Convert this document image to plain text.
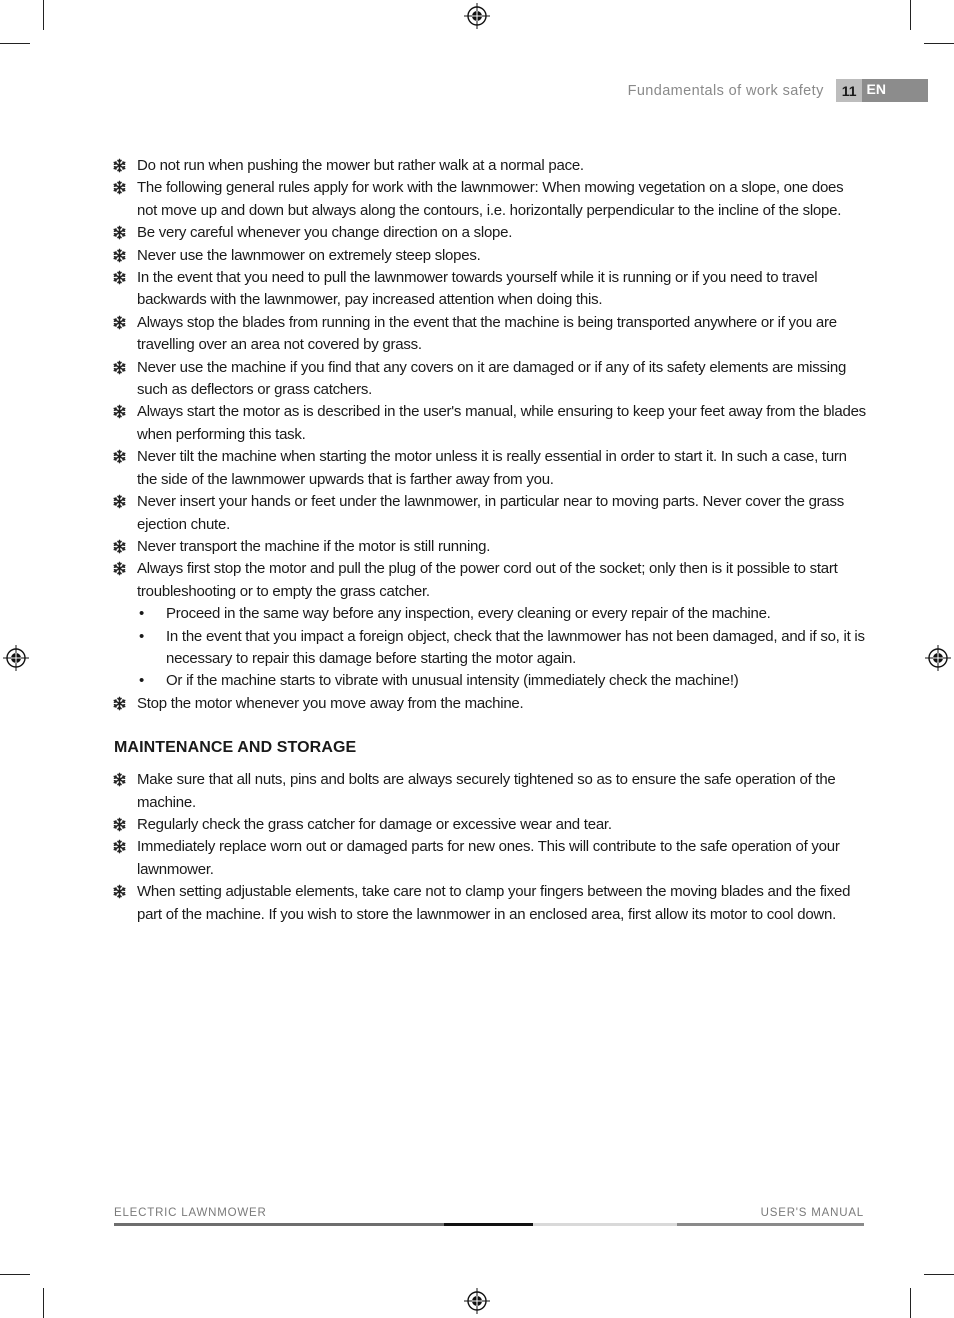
Fundamentals of work safety	11 EN
Do not run when pushing the mower but rather walk at a normal pace.
The following general rules apply for work with the lawnmower: When mowing vegetation on a slope, one does not move up and down but always along the contours, i.e. horizontally perpendicular to the incline of the slope.
Be very careful whenever you change direction on a slope.
Never use the lawnmower on extremely steep slopes.
In the event that you need to pull the lawnmower towards yourself while it is running or if you need to travel backwards with the lawnmower, pay increased attention when doing this.
Always stop the blades from running in the event that the machine is being transported anywhere or if you are travelling over an area not covered by grass.
Never use the machine if you find that any covers on it are damaged or if any of its safety elements are missing such as deflectors or grass catchers.
Always start the motor as is described in the user's manual, while ensuring to keep your feet away from the blades when performing this task.
Never tilt the machine when starting the motor unless it is really essential in order to start it. In such a case, turn the side of the lawnmower upwards that is farther away from you.
Never insert your hands or feet under the lawnmower, in particular near to moving parts. Never cover the grass ejection chute.
Never transport the machine if the motor is still running.
Always first stop the motor and pull the plug of the power cord out of the socket; only then is it possible to start troubleshooting or to empty the grass catcher.
• Proceed in the same way before any inspection, every cleaning or every repair of the machine.
• In the event that you impact a foreign object, check that the lawnmower has not been damaged, and if so, it is necessary to repair this damage before starting the motor again.
• Or if the machine starts to vibrate with unusual intensity (immediately check the machine!)
Stop the motor whenever you move away from the machine.
MAINTENANCE AND STORAGE
Make sure that all nuts, pins and bolts are always securely tightened so as to ensure the safe operation of the machine.
Regularly check the grass catcher for damage or excessive wear and tear.
Immediately replace worn out or damaged parts for new ones. This will contribute to the safe operation of your lawnmower.
When setting adjustable elements, take care not to clamp your fingers between the moving blades and the fixed part of the machine. If you wish to store the lawnmower in an enclosed area, first allow its motor to cool down.
ELECTRIC LAWNMOWER	USER'S MANUAL
